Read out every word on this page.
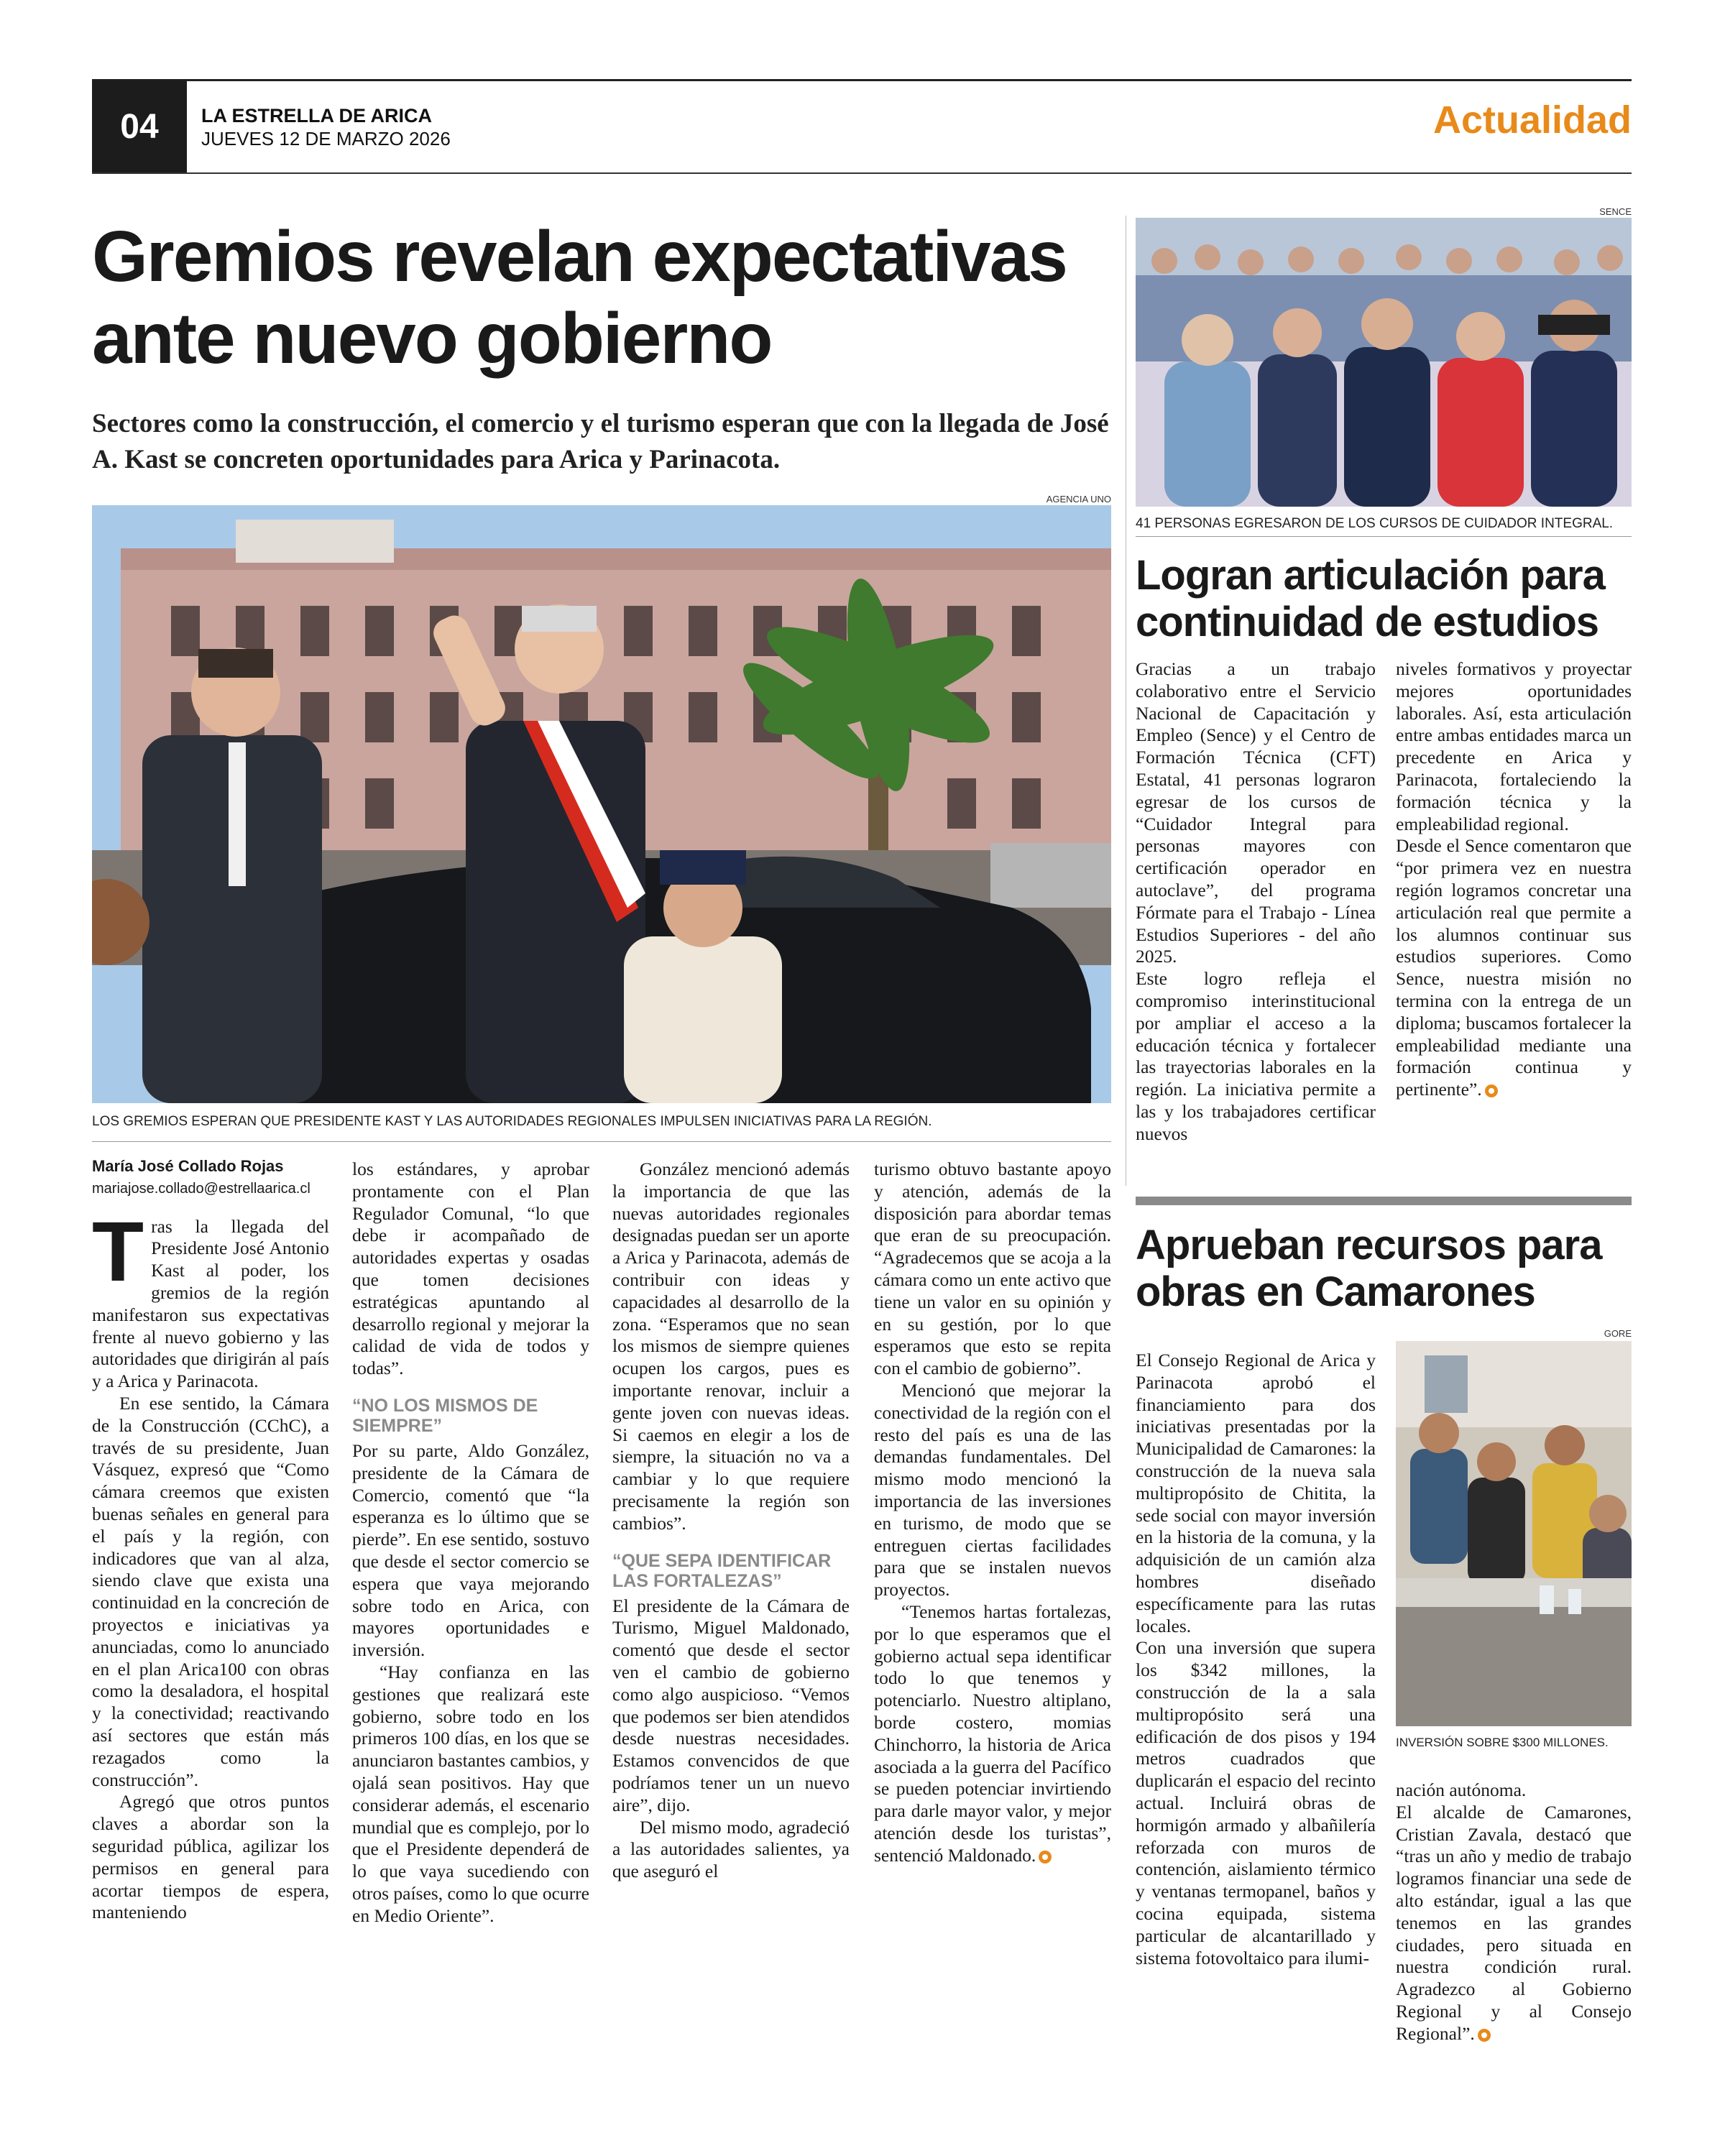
04	LA ESTRELLA DE ARICA
JUEVES 12 DE MARZO 2026	Actualidad
Gremios revelan expectativas ante nuevo gobierno
Sectores como la construcción, el comercio y el turismo esperan que con la llegada de José A. Kast se concreten oportunidades para Arica y Parinacota.
AGENCIA UNO
LOS GREMIOS ESPERAN QUE PRESIDENTE KAST Y LAS AUTORIDADES REGIONALES IMPULSEN INICIATIVAS PARA LA REGIÓN.
María José Collado Rojas
mariajose.collado@estrellaarica.cl

Tras la llegada del Presidente José Antonio Kast al poder, los gremios de la región manifestaron sus expectativas frente al nuevo gobierno y las autoridades que dirigirán al país y a Arica y Parinacota.

En ese sentido, la Cámara de la Construcción (CChC), a través de su presidente, Juan Vásquez, expresó que “Como cámara creemos que existen buenas señales en general para el país y la región, con indicadores que van al alza, siendo clave que exista una continuidad en la concreción de proyectos e iniciativas ya anunciadas, como lo anunciado en el plan Arica100 con obras como la desaladora, el hospital y la conectividad; reactivando así sectores que están más rezagados como la construcción”.

Agregó que otros puntos claves a abordar son la seguridad pública, agilizar los permisos en general para acortar tiempos de espera, manteniendo

los estándares, y aprobar prontamente con el Plan Regulador Comunal, “lo que debe ir acompañado de autoridades expertas y osadas que tomen decisiones estratégicas apuntando al desarrollo regional y mejorar la calidad de vida de todos y todas”.

“NO LOS MISMOS DE SIEMPRE”

Por su parte, Aldo González, presidente de la Cámara de Comercio, comentó que “la esperanza es lo último que se pierde”. En ese sentido, sostuvo que desde el sector comercio se espera que vaya mejorando sobre todo en Arica, con mayores oportunidades e inversión.

“Hay confianza en las gestiones que realizará este gobierno, sobre todo en los primeros 100 días, en los que se anunciaron bastantes cambios, y ojalá sean positivos. Hay que considerar además, el escenario mundial que es complejo, por lo que el Presidente dependerá de lo que vaya sucediendo con otros países, como lo que ocurre en Medio Oriente”.

González mencionó además la importancia de que las nuevas autoridades regionales designadas puedan ser un aporte a Arica y Parinacota, además de contribuir con ideas y capacidades al desarrollo de la zona. “Esperamos que no sean los mismos de siempre quienes ocupen los cargos, pues es importante renovar, incluir a gente joven con nuevas ideas. Si caemos en elegir a los de siempre, la situación no va a cambiar y lo que requiere precisamente la región son cambios”.

“QUE SEPA IDENTIFICAR LAS FORTALEZAS”

El presidente de la Cámara de Turismo, Miguel Maldonado, comentó que desde el sector ven el cambio de gobierno como algo auspicioso. “Vemos que podemos ser bien atendidos desde nuestras necesidades. Estamos convencidos de que podríamos tener un un nuevo aire”, dijo.

Del mismo modo, agradeció a las autoridades salientes, ya que aseguró el

turismo obtuvo bastante apoyo y atención, además de la disposición para abordar temas que eran de su preocupación. “Agradecemos que se acoja a la cámara como un ente activo que tiene un valor en su opinión y en su gestión, por lo que esperamos que esto se repita con el cambio de gobierno”.

Mencionó que mejorar la conectividad de la región con el resto del país es una de las demandas fundamentales. Del mismo modo mencionó la importancia de las inversiones en turismo, de modo que se entreguen ciertas facilidades para que se instalen nuevos proyectos.

“Tenemos hartas fortalezas, por lo que esperamos que el gobierno actual sepa identificar todo lo que tenemos y potenciarlo. Nuestro altiplano, borde costero, momias Chinchorro, la historia de Arica asociada a la guerra del Pacífico se pueden potenciar invirtiendo para darle mayor valor, y mejor atención desde los turistas”, sentenció Maldonado.

SENCE
41 PERSONAS EGRESARON DE LOS CURSOS DE CUIDADOR INTEGRAL.
Logran articulación para continuidad de estudios

Gracias a un trabajo colaborativo entre el Servicio Nacional de Capacitación y Empleo (Sence) y el Centro de Formación Técnica (CFT) Estatal, 41 personas lograron egresar de los cursos de “Cuidador Integral para personas mayores con certificación operador en autoclave”, del programa Fórmate para el Trabajo - Línea Estudios Superiores - del año 2025.

Este logro refleja el compromiso interinstitucional por ampliar el acceso a la educación técnica y fortalecer las trayectorias laborales en la región. La iniciativa permite a las y los trabajadores certificar nuevos

niveles formativos y proyectar mejores oportunidades laborales. Así, esta articulación entre ambas entidades marca un precedente en Arica y Parinacota, fortaleciendo la formación técnica y la empleabilidad regional.

Desde el Sence comentaron que “por primera vez en nuestra región logramos concretar una articulación real que permite a los alumnos continuar sus estudios superiores. Como Sence, nuestra misión no termina con la entrega de un diploma; buscamos fortalecer la empleabilidad mediante una formación continua y pertinente”.

Aprueban recursos para obras en Camarones
GORE
INVERSIÓN SOBRE $300 MILLONES.

El Consejo Regional de Arica y Parinacota aprobó el financiamiento para dos iniciativas presentadas por la Municipalidad de Camarones: la construcción de la nueva sala multipropósito de Chitita, la sede social con mayor inversión en la historia de la comuna, y la adquisición de un camión alza hombres diseñado específicamente para las rutas locales.

Con una inversión que supera los $342 millones, la construcción de la a sala multipropósito será una edificación de dos pisos y 194 metros cuadrados que duplicarán el espacio del recinto actual. Incluirá obras de hormigón armado y albañilería reforzada con muros de contención, aislamiento térmico y ventanas termopanel, baños y cocina equipada, sistema particular de alcantarillado y sistema fotovoltaico para ilumi-

nación autónoma.

El alcalde de Camarones, Cristian Zavala, destacó que “tras un año y medio de trabajo logramos financiar una sede de alto estándar, igual a las que tenemos en las grandes ciudades, pero situada en nuestra condición rural. Agradezco al Gobierno Regional y al Consejo Regional”.
